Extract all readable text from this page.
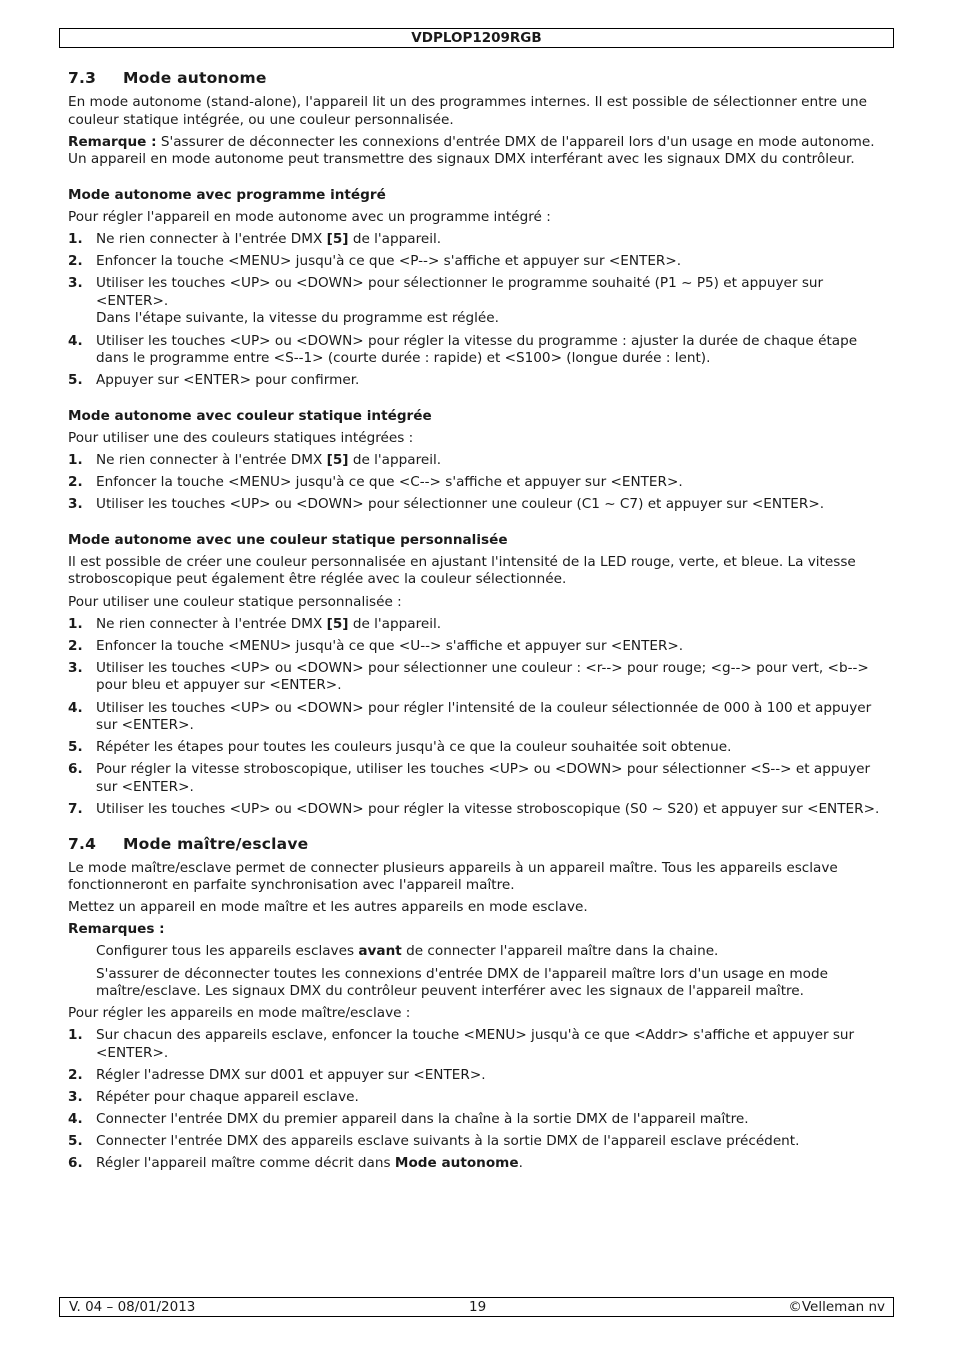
VDPLOP1209RGB
7.3	Mode autonome

En mode autonome (stand-alone), l'appareil lit un des programmes internes. Il est possible de sélectionner entre une couleur statique intégrée, ou une couleur personnalisée.

Remarque : S'assurer de déconnecter les connexions d'entrée DMX de l'appareil lors d'un usage en mode autonome. Un appareil en mode autonome peut transmettre des signaux DMX interférant avec les signaux DMX du contrôleur.

Mode autonome avec programme intégré

Pour régler l'appareil en mode autonome avec un programme intégré :

1. Ne rien connecter à l'entrée DMX [5] de l'appareil.
2. Enfoncer la touche <MENU> jusqu'à ce que <P--> s'affiche et appuyer sur <ENTER>.
3. Utiliser les touches <UP> ou <DOWN> pour sélectionner le programme souhaité (P1 ~ P5) et appuyer sur <ENTER>.
Dans l'étape suivante, la vitesse du programme est réglée.
4. Utiliser les touches <UP> ou <DOWN> pour régler la vitesse du programme : ajuster la durée de chaque étape dans le programme entre <S--1> (courte durée : rapide) et <S100> (longue durée : lent).
5. Appuyer sur <ENTER> pour confirmer.
Mode autonome avec couleur statique intégrée

Pour utiliser une des couleurs statiques intégrées :

1. Ne rien connecter à l'entrée DMX [5] de l'appareil.
2. Enfoncer la touche <MENU> jusqu'à ce que <C--> s'affiche et appuyer sur <ENTER>.
3. Utiliser les touches <UP> ou <DOWN> pour sélectionner une couleur (C1 ~ C7) et appuyer sur <ENTER>.
Mode autonome avec une couleur statique personnalisée

Il est possible de créer une couleur personnalisée en ajustant l'intensité de la LED rouge, verte, et bleue. La vitesse stroboscopique peut également être réglée avec la couleur sélectionnée.

Pour utiliser une couleur statique personnalisée :

1. Ne rien connecter à l'entrée DMX [5] de l'appareil.
2. Enfoncer la touche <MENU> jusqu'à ce que <U--> s'affiche et appuyer sur <ENTER>.
3. Utiliser les touches <UP> ou <DOWN> pour sélectionner une couleur : <r--> pour rouge; <g--> pour vert, <b--> pour bleu et appuyer sur <ENTER>.
4. Utiliser les touches <UP> ou <DOWN> pour régler l'intensité de la couleur sélectionnée de 000 à 100 et appuyer sur <ENTER>.
5. Répéter les étapes pour toutes les couleurs jusqu'à ce que la couleur souhaitée soit obtenue.
6. Pour régler la vitesse stroboscopique, utiliser les touches <UP> ou <DOWN> pour sélectionner <S--> et appuyer sur <ENTER>.
7. Utiliser les touches <UP> ou <DOWN> pour régler la vitesse stroboscopique (S0 ~ S20) et appuyer sur <ENTER>.
7.4	Mode maître/esclave

Le mode maître/esclave permet de connecter plusieurs appareils à un appareil maître. Tous les appareils esclave fonctionneront en parfaite synchronisation avec l'appareil maître.

Mettez un appareil en mode maître et les autres appareils en mode esclave.

Remarques :

Configurer tous les appareils esclaves avant de connecter l'appareil maître dans la chaine.

S'assurer de déconnecter toutes les connexions d'entrée DMX de l'appareil maître lors d'un usage en mode maître/esclave. Les signaux DMX du contrôleur peuvent interférer avec les signaux de l'appareil maître.

Pour régler les appareils en mode maître/esclave :

1. Sur chacun des appareils esclave, enfoncer la touche <MENU> jusqu'à ce que <Addr> s'affiche et appuyer sur <ENTER>.
2. Régler l'adresse DMX sur d001 et appuyer sur <ENTER>.
3. Répéter pour chaque appareil esclave.
4. Connecter l'entrée DMX du premier appareil dans la chaîne à la sortie DMX de l'appareil maître.
5. Connecter l'entrée DMX des appareils esclave suivants à la sortie DMX de l'appareil esclave précédent.
6. Régler l'appareil maître comme décrit dans Mode autonome.
V. 04 – 08/01/2013	19	©Velleman nv
